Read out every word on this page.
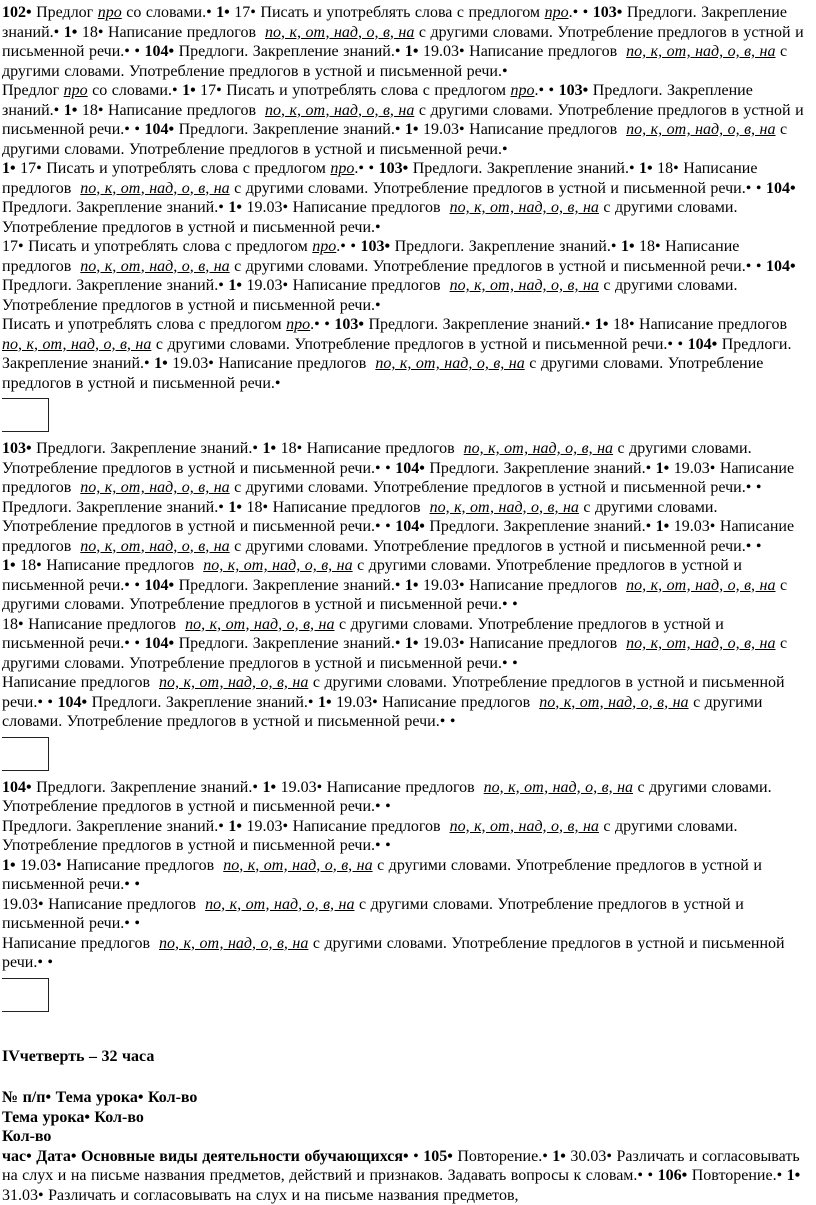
102• Предлог про со словами.• 1• 17• Писать и употреблять слова с предлогом про.• • 103• Предлоги. Закрепление знаний.• 1• 18• Написание предлогов  по, к, от, над, о, в, на с другими словами. Употребление предлогов в устной и письменной речи.• • 104• Предлоги. Закрепление знаний.• 1• 19.03• Написание предлогов  по, к, от, над, о, в, на с другими словами. Употребление предлогов в устной и письменной речи.•

Предлог про со словами.• 1• 17• Писать и употреблять слова с предлогом про.• • 103• Предлоги. Закрепление знаний.• 1• 18• Написание предлогов  по, к, от, над, о, в, на с другими словами. Употребление предлогов в устной и письменной речи.• • 104• Предлоги. Закрепление знаний.• 1• 19.03• Написание предлогов  по, к, от, над, о, в, на с другими словами. Употребление предлогов в устной и письменной речи.•

1• 17• Писать и употреблять слова с предлогом про.• • 103• Предлоги. Закрепление знаний.• 1• 18• Написание предлогов  по, к, от, над, о, в, на с другими словами. Употребление предлогов в устной и письменной речи.• • 104• Предлоги. Закрепление знаний.• 1• 19.03• Написание предлогов  по, к, от, над, о, в, на с другими словами. Употребление предлогов в устной и письменной речи.•

17• Писать и употреблять слова с предлогом про.• • 103• Предлоги. Закрепление знаний.• 1• 18• Написание предлогов  по, к, от, над, о, в, на с другими словами. Употребление предлогов в устной и письменной речи.• • 104• Предлоги. Закрепление знаний.• 1• 19.03• Написание предлогов  по, к, от, над, о, в, на с другими словами. Употребление предлогов в устной и письменной речи.•

Писать и употреблять слова с предлогом про.• • 103• Предлоги. Закрепление знаний.• 1• 18• Написание предлогов  по, к, от, над, о, в, на с другими словами. Употребление предлогов в устной и письменной речи.• • 104• Предлоги. Закрепление знаний.• 1• 19.03• Написание предлогов  по, к, от, над, о, в, на с другими словами. Употребление предлогов в устной и письменной речи.•

103• Предлоги. Закрепление знаний.• 1• 18• Написание предлогов  по, к, от, над, о, в, на с другими словами. Употребление предлогов в устной и письменной речи.• • 104• Предлоги. Закрепление знаний.• 1• 19.03• Написание предлогов  по, к, от, над, о, в, на с другими словами. Употребление предлогов в устной и письменной речи.• •

Предлоги. Закрепление знаний.• 1• 18• Написание предлогов  по, к, от, над, о, в, на с другими словами. Употребление предлогов в устной и письменной речи.• • 104• Предлоги. Закрепление знаний.• 1• 19.03• Написание предлогов  по, к, от, над, о, в, на с другими словами. Употребление предлогов в устной и письменной речи.• •

1• 18• Написание предлогов  по, к, от, над, о, в, на с другими словами. Употребление предлогов в устной и письменной речи.• • 104• Предлоги. Закрепление знаний.• 1• 19.03• Написание предлогов  по, к, от, над, о, в, на с другими словами. Употребление предлогов в устной и письменной речи.• •

18• Написание предлогов  по, к, от, над, о, в, на с другими словами. Употребление предлогов в устной и письменной речи.• • 104• Предлоги. Закрепление знаний.• 1• 19.03• Написание предлогов  по, к, от, над, о, в, на с другими словами. Употребление предлогов в устной и письменной речи.• •

Написание предлогов  по, к, от, над, о, в, на с другими словами. Употребление предлогов в устной и письменной речи.• • 104• Предлоги. Закрепление знаний.• 1• 19.03• Написание предлогов  по, к, от, над, о, в, на с другими словами. Употребление предлогов в устной и письменной речи.• •

104• Предлоги. Закрепление знаний.• 1• 19.03• Написание предлогов  по, к, от, над, о, в, на с другими словами. Употребление предлогов в устной и письменной речи.• •

Предлоги. Закрепление знаний.• 1• 19.03• Написание предлогов  по, к, от, над, о, в, на с другими словами. Употребление предлогов в устной и письменной речи.• •

1• 19.03• Написание предлогов  по, к, от, над, о, в, на с другими словами. Употребление предлогов в устной и письменной речи.• •

19.03• Написание предлогов  по, к, от, над, о, в, на с другими словами. Употребление предлогов в устной и письменной речи.• •

Написание предлогов  по, к, от, над, о, в, на с другими словами. Употребление предлогов в устной и письменной речи.• •

IVчетверть – 32 часа

№ п/п• Тема урока• Кол-во

Тема урока• Кол-во

Кол-во

час• Дата• Основные виды деятельности обучающихся• • 105• Повторение.• 1• 30.03• Различать и согласовывать на слух и на письме названия предметов, действий и признаков. Задавать вопросы к словам.• • 106• Повторение.• 1• 31.03• Различать и согласовывать на слух и на письме названия предметов,
